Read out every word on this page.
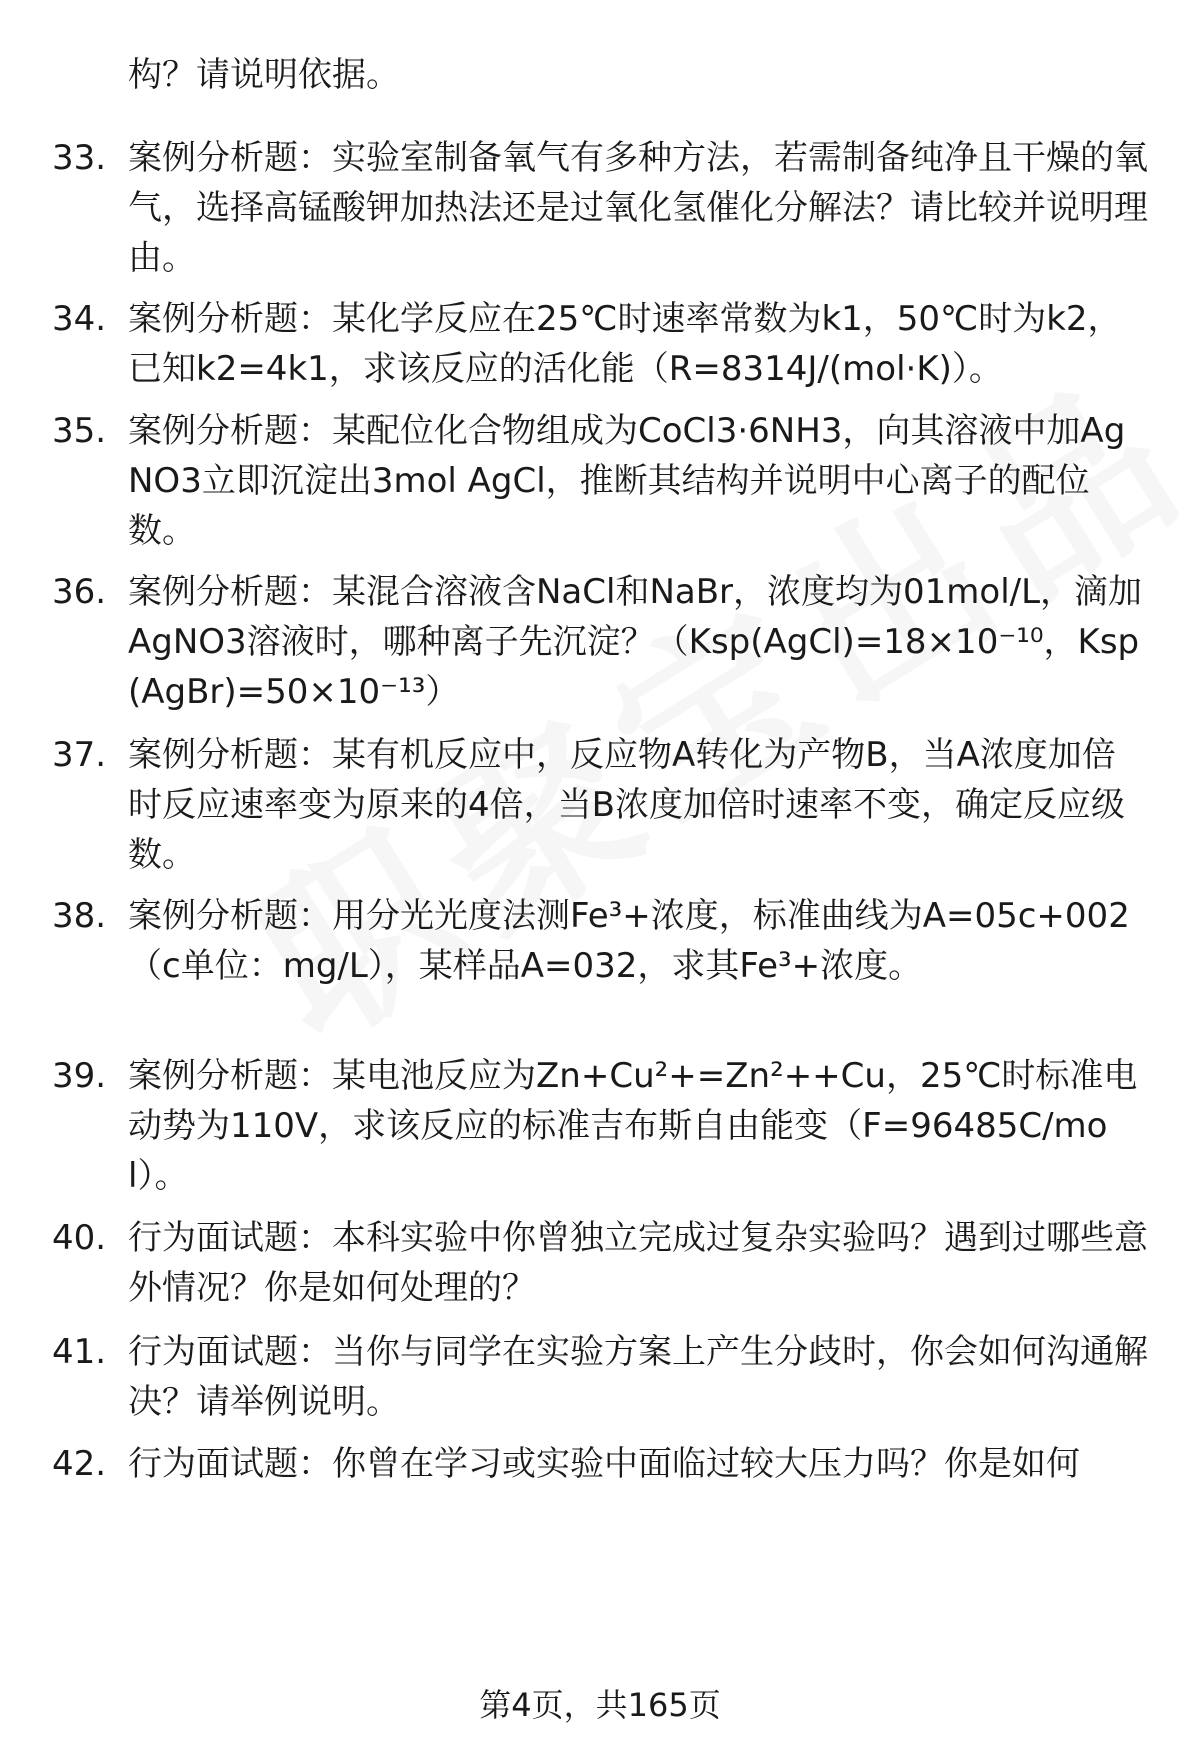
构？请说明依据。
33. 案例分析题：实验室制备氧气有多种方法，若需制备纯净且干燥的氧气，选择高锰酸钾加热法还是过氧化氢催化分解法？请比较并说明理由。
34. 案例分析题：某化学反应在25℃时速率常数为k1，50℃时为k2，已知k2=4k1，求该反应的活化能（R=8314J/(mol·K)）。
35. 案例分析题：某配位化合物组成为CoCl3·6NH3，向其溶液中加AgNO3立即沉淀出3mol AgCl，推断其结构并说明中心离子的配位数。
36. 案例分析题：某混合溶液含NaCl和NaBr，浓度均为01mol/L，滴加AgNO3溶液时，哪种离子先沉淀？（Ksp(AgCl)=18×10⁻¹⁰，Ksp(AgBr)=50×10⁻¹³）
37. 案例分析题：某有机反应中，反应物A转化为产物B，当A浓度加倍时反应速率变为原来的4倍，当B浓度加倍时速率不变，确定反应级数。
38. 案例分析题：用分光光度法测Fe³+浓度，标准曲线为A=05c+002（c单位：mg/L），某样品A=032，求其Fe³+浓度。
39. 案例分析题：某电池反应为Zn+Cu²+=Zn²++Cu，25℃时标准电动势为110V，求该反应的标准吉布斯自由能变（F=96485C/mol）。
40. 行为面试题：本科实验中你曾独立完成过复杂实验吗？遇到过哪些意外情况？你是如何处理的？
41. 行为面试题：当你与同学在实验方案上产生分歧时，你会如何沟通解决？请举例说明。
42. 行为面试题：你曾在学习或实验中面临过较大压力吗？你是如何
第4页，共165页
